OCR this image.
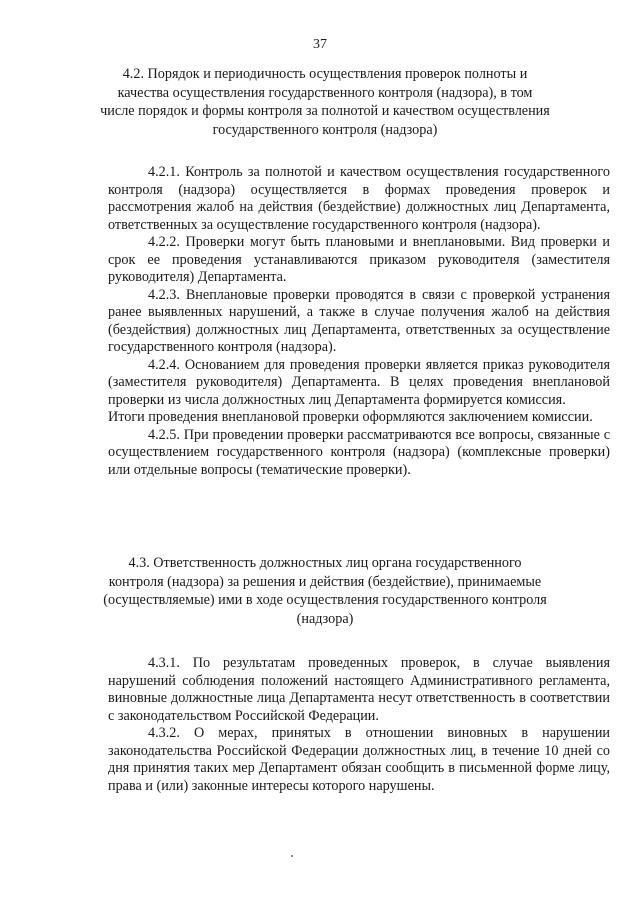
37
4.2. Порядок и периодичность осуществления проверок полноты и качества осуществления государственного контроля (надзора), в том числе порядок и формы контроля за полнотой и качеством осуществления государственного контроля (надзора)

4.2.1. Контроль за полнотой и качеством осуществления государственного контроля (надзора) осуществляется в формах проведения проверок и рассмотрения жалоб на действия (бездействие) должностных лиц Департамента, ответственных за осуществление государственного контроля (надзора).

4.2.2. Проверки могут быть плановыми и внеплановыми. Вид проверки и срок ее проведения устанавливаются приказом руководителя (заместителя руководителя) Департамента.

4.2.3. Внеплановые проверки проводятся в связи с проверкой устранения ранее выявленных нарушений, а также в случае получения жалоб на действия (бездействия) должностных лиц Департамента, ответственных за осуществление государственного контроля (надзора).

4.2.4. Основанием для проведения проверки является приказ руководителя (заместителя руководителя) Департамента. В целях проведения внеплановой проверки из числа должностных лиц Департамента формируется комиссия.

Итоги проведения внеплановой проверки оформляются заключением комиссии.

4.2.5. При проведении проверки рассматриваются все вопросы, связанные с осуществлением государственного контроля (надзора) (комплексные проверки) или отдельные вопросы (тематические проверки).

4.3. Ответственность должностных лиц органа государственного контроля (надзора) за решения и действия (бездействие), принимаемые (осуществляемые) ими в ходе осуществления государственного контроля (надзора)

4.3.1. По результатам проведенных проверок, в случае выявления нарушений соблюдения положений настоящего Административного регламента, виновные должностные лица Департамента несут ответственность в соответствии с законодательством Российской Федерации.

4.3.2. О мерах, принятых в отношении виновных в нарушении законодательства Российской Федерации должностных лиц, в течение 10 дней со дня принятия таких мер Департамент обязан сообщить в письменной форме лицу, права и (или) законные интересы которого нарушены.
